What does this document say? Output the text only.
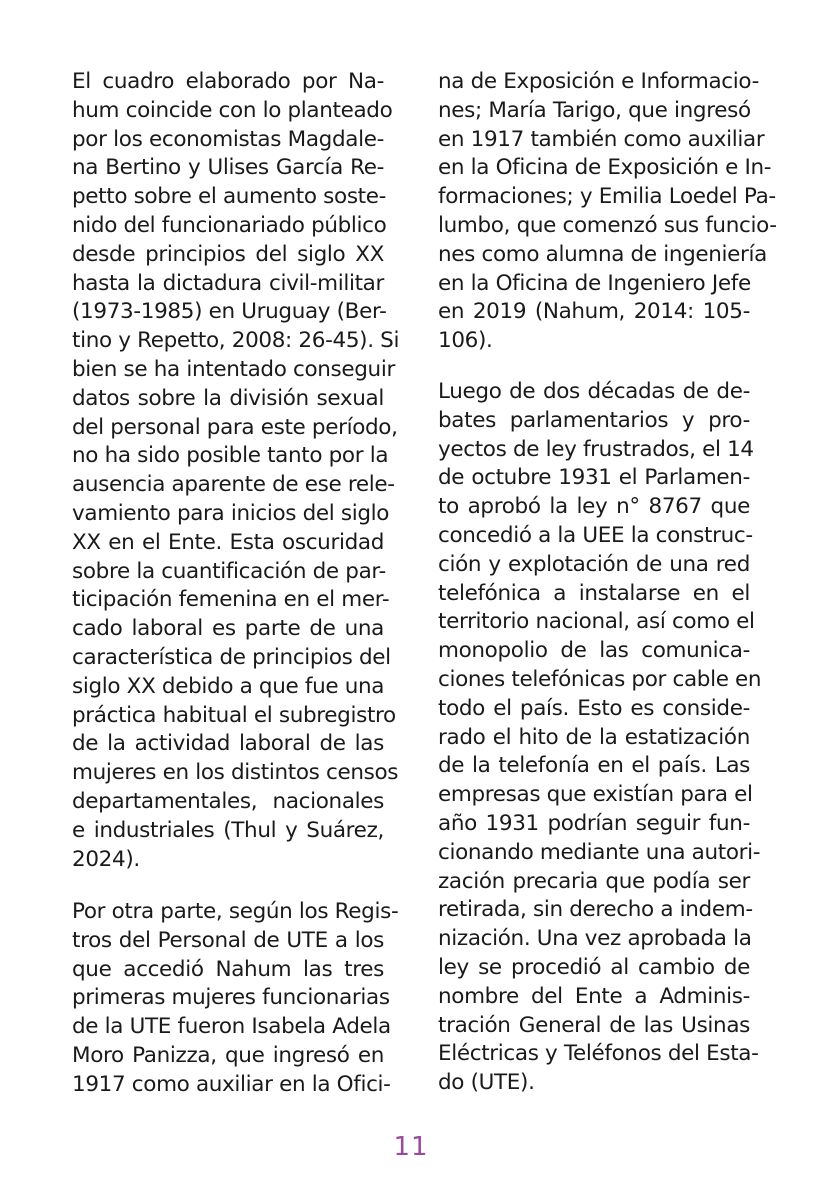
El cuadro elaborado por Na-
hum coincide con lo planteado
por los economistas Magdale-
na Bertino y Ulises García Re-
petto sobre el aumento soste-
nido del funcionariado público
desde principios del siglo XX
hasta la dictadura civil-militar
(1973-1985) en Uruguay (Ber-
tino y Repetto, 2008: 26-45). Si
bien se ha intentado conseguir
datos sobre la división sexual
del personal para este período,
no ha sido posible tanto por la
ausencia aparente de ese rele-
vamiento para inicios del siglo
XX en el Ente. Esta oscuridad
sobre la cuantificación de par-
ticipación femenina en el mer-
cado laboral es parte de una
característica de principios del
siglo XX debido a que fue una
práctica habitual el subregistro
de la actividad laboral de las
mujeres en los distintos censos
departamentales, nacionales
e industriales (Thul y Suárez,
2024).
Por otra parte, según los Regis-
tros del Personal de UTE a los
que accedió Nahum las tres
primeras mujeres funcionarias
de la UTE fueron Isabela Adela
Moro Panizza, que ingresó en
1917 como auxiliar en la Ofici-
na de Exposición e Informacio-
nes; María Tarigo, que ingresó
en 1917 también como auxiliar
en la Oficina de Exposición e In-
formaciones; y Emilia Loedel Pa-
lumbo, que comenzó sus funcio-
nes como alumna de ingeniería
en la Oficina de Ingeniero Jefe
en 2019 (Nahum, 2014: 105-
106).
Luego de dos décadas de de-
bates parlamentarios y pro-
yectos de ley frustrados, el 14
de octubre 1931 el Parlamen-
to aprobó la ley n° 8767 que
concedió a la UEE la construc-
ción y explotación de una red
telefónica a instalarse en el
territorio nacional, así como el
monopolio de las comunica-
ciones telefónicas por cable en
todo el país. Esto es conside-
rado el hito de la estatización
de la telefonía en el país. Las
empresas que existían para el
año 1931 podrían seguir fun-
cionando mediante una autori-
zación precaria que podía ser
retirada, sin derecho a indem-
nización. Una vez aprobada la
ley se procedió al cambio de
nombre del Ente a Adminis-
tración General de las Usinas
Eléctricas y Teléfonos del Esta-
do (UTE).
11
